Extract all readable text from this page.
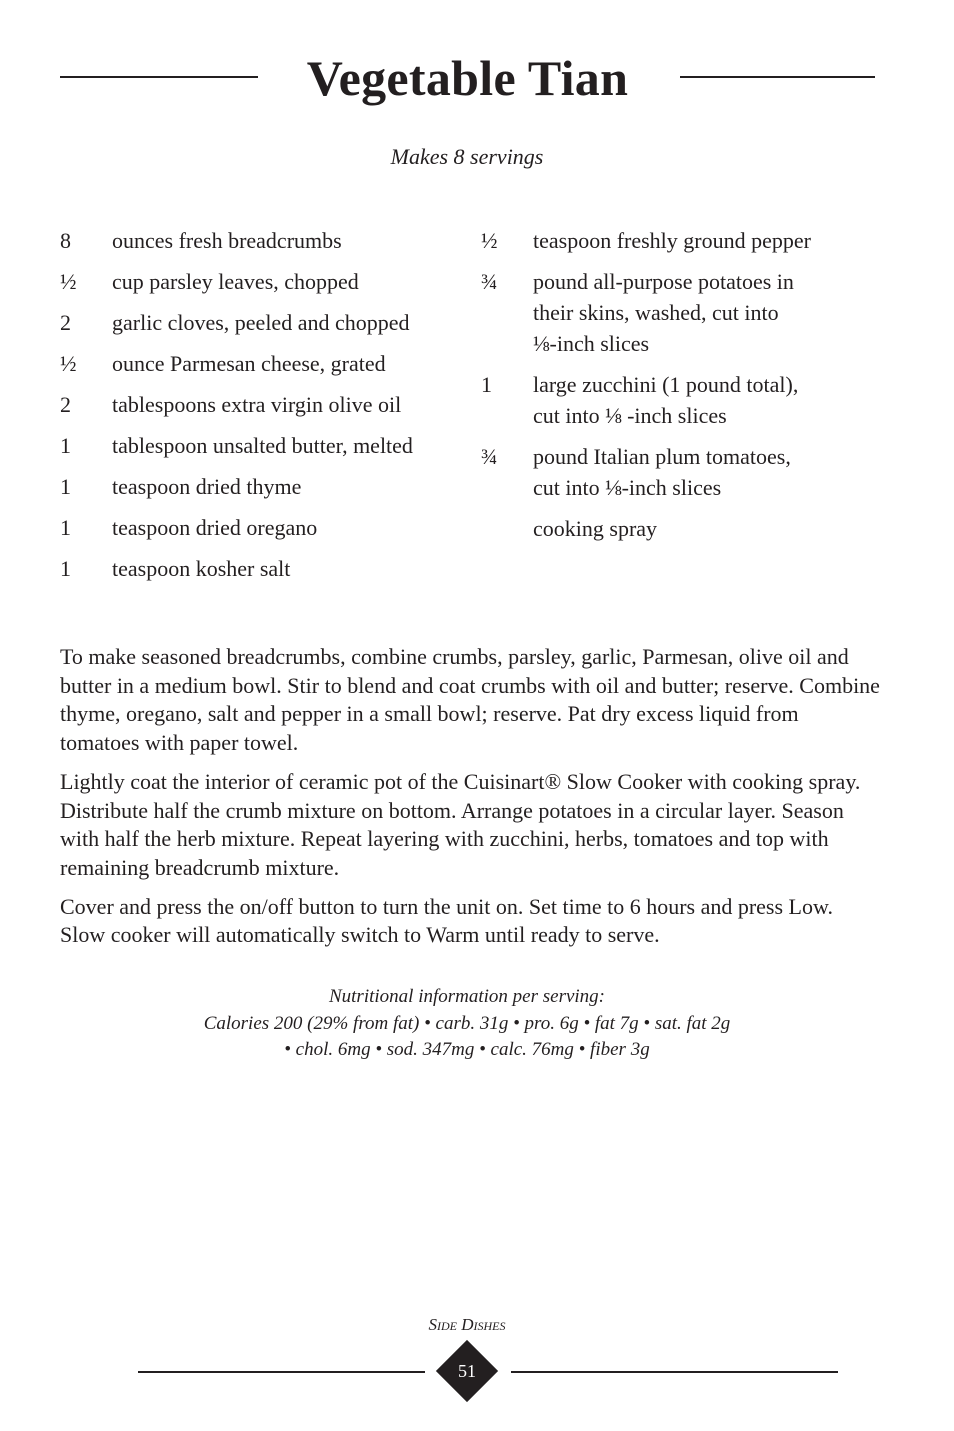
Vegetable Tian
Makes 8 servings
8	ounces fresh breadcrumbs
½	cup parsley leaves, chopped
2	garlic cloves, peeled and chopped
½	ounce Parmesan cheese, grated
2	tablespoons extra virgin olive oil
1	tablespoon unsalted butter, melted
1	teaspoon dried thyme
1	teaspoon dried oregano
1	teaspoon kosher salt
½	teaspoon freshly ground pepper
¾	pound all-purpose potatoes in
their skins, washed, cut into
⅛-inch slices
1	large zucchini (1 pound total),
cut into ⅛ -inch slices
¾	pound Italian plum tomatoes,
cut into ⅛-inch slices
cooking spray

To make seasoned breadcrumbs, combine crumbs, parsley, garlic, Parmesan, olive oil and butter in a medium bowl. Stir to blend and coat crumbs with oil and butter; reserve. Combine thyme, oregano, salt and pepper in a small bowl; reserve. Pat dry excess liquid from tomatoes with paper towel.

Lightly coat the interior of ceramic pot of the Cuisinart® Slow Cooker with cooking spray. Distribute half the crumb mixture on bottom. Arrange potatoes in a circular layer. Season with half the herb mixture. Repeat layering with zucchini, herbs, tomatoes and top with remaining breadcrumb mixture.

Cover and press the on/off button to turn the unit on. Set time to 6 hours and press Low. Slow cooker will automatically switch to Warm until ready to serve.

Nutritional information per serving:
Calories 200 (29% from fat) • carb. 31g • pro. 6g • fat 7g • sat. fat 2g
• chol. 6mg • sod. 347mg • calc. 76mg • fiber 3g
Side Dishes
51
